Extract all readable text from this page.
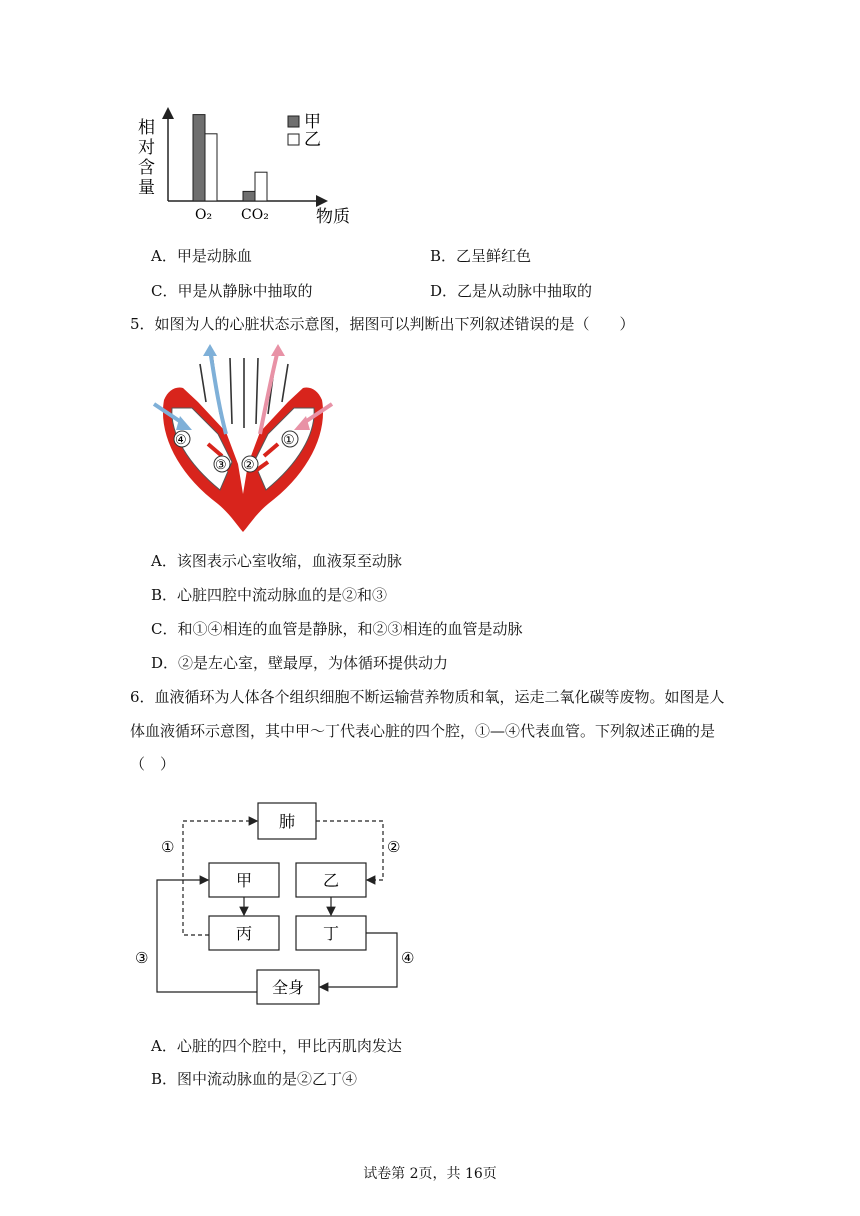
相
对
含
量
O₂ CO₂	物质
甲
乙
A．甲是动脉血	B．乙呈鲜红色
C．甲是从静脉中抽取的	D．乙是从动脉中抽取的
5．如图为人的心脏状态示意图，据图可以判断出下列叙述错误的是（　　）
④
③ ②
①
A．该图表示心室收缩，血液泵至动脉
B．心脏四腔中流动脉血的是②和③
C．和①④相连的血管是静脉，和②③相连的血管是动脉
D．②是左心室，壁最厚，为体循环提供动力
6．血液循环为人体各个组织细胞不断运输营养物质和氧，运走二氧化碳等废物。如图是人
体血液循环示意图，其中甲～丁代表心脏的四个腔，①—④代表血管。下列叙述正确的是
（　）
肺
甲	乙
丙	丁
全身
①	②
③	④
A．心脏的四个腔中，甲比丙肌肉发达
B．图中流动脉血的是②乙丁④
试卷第 2页，共 16页
